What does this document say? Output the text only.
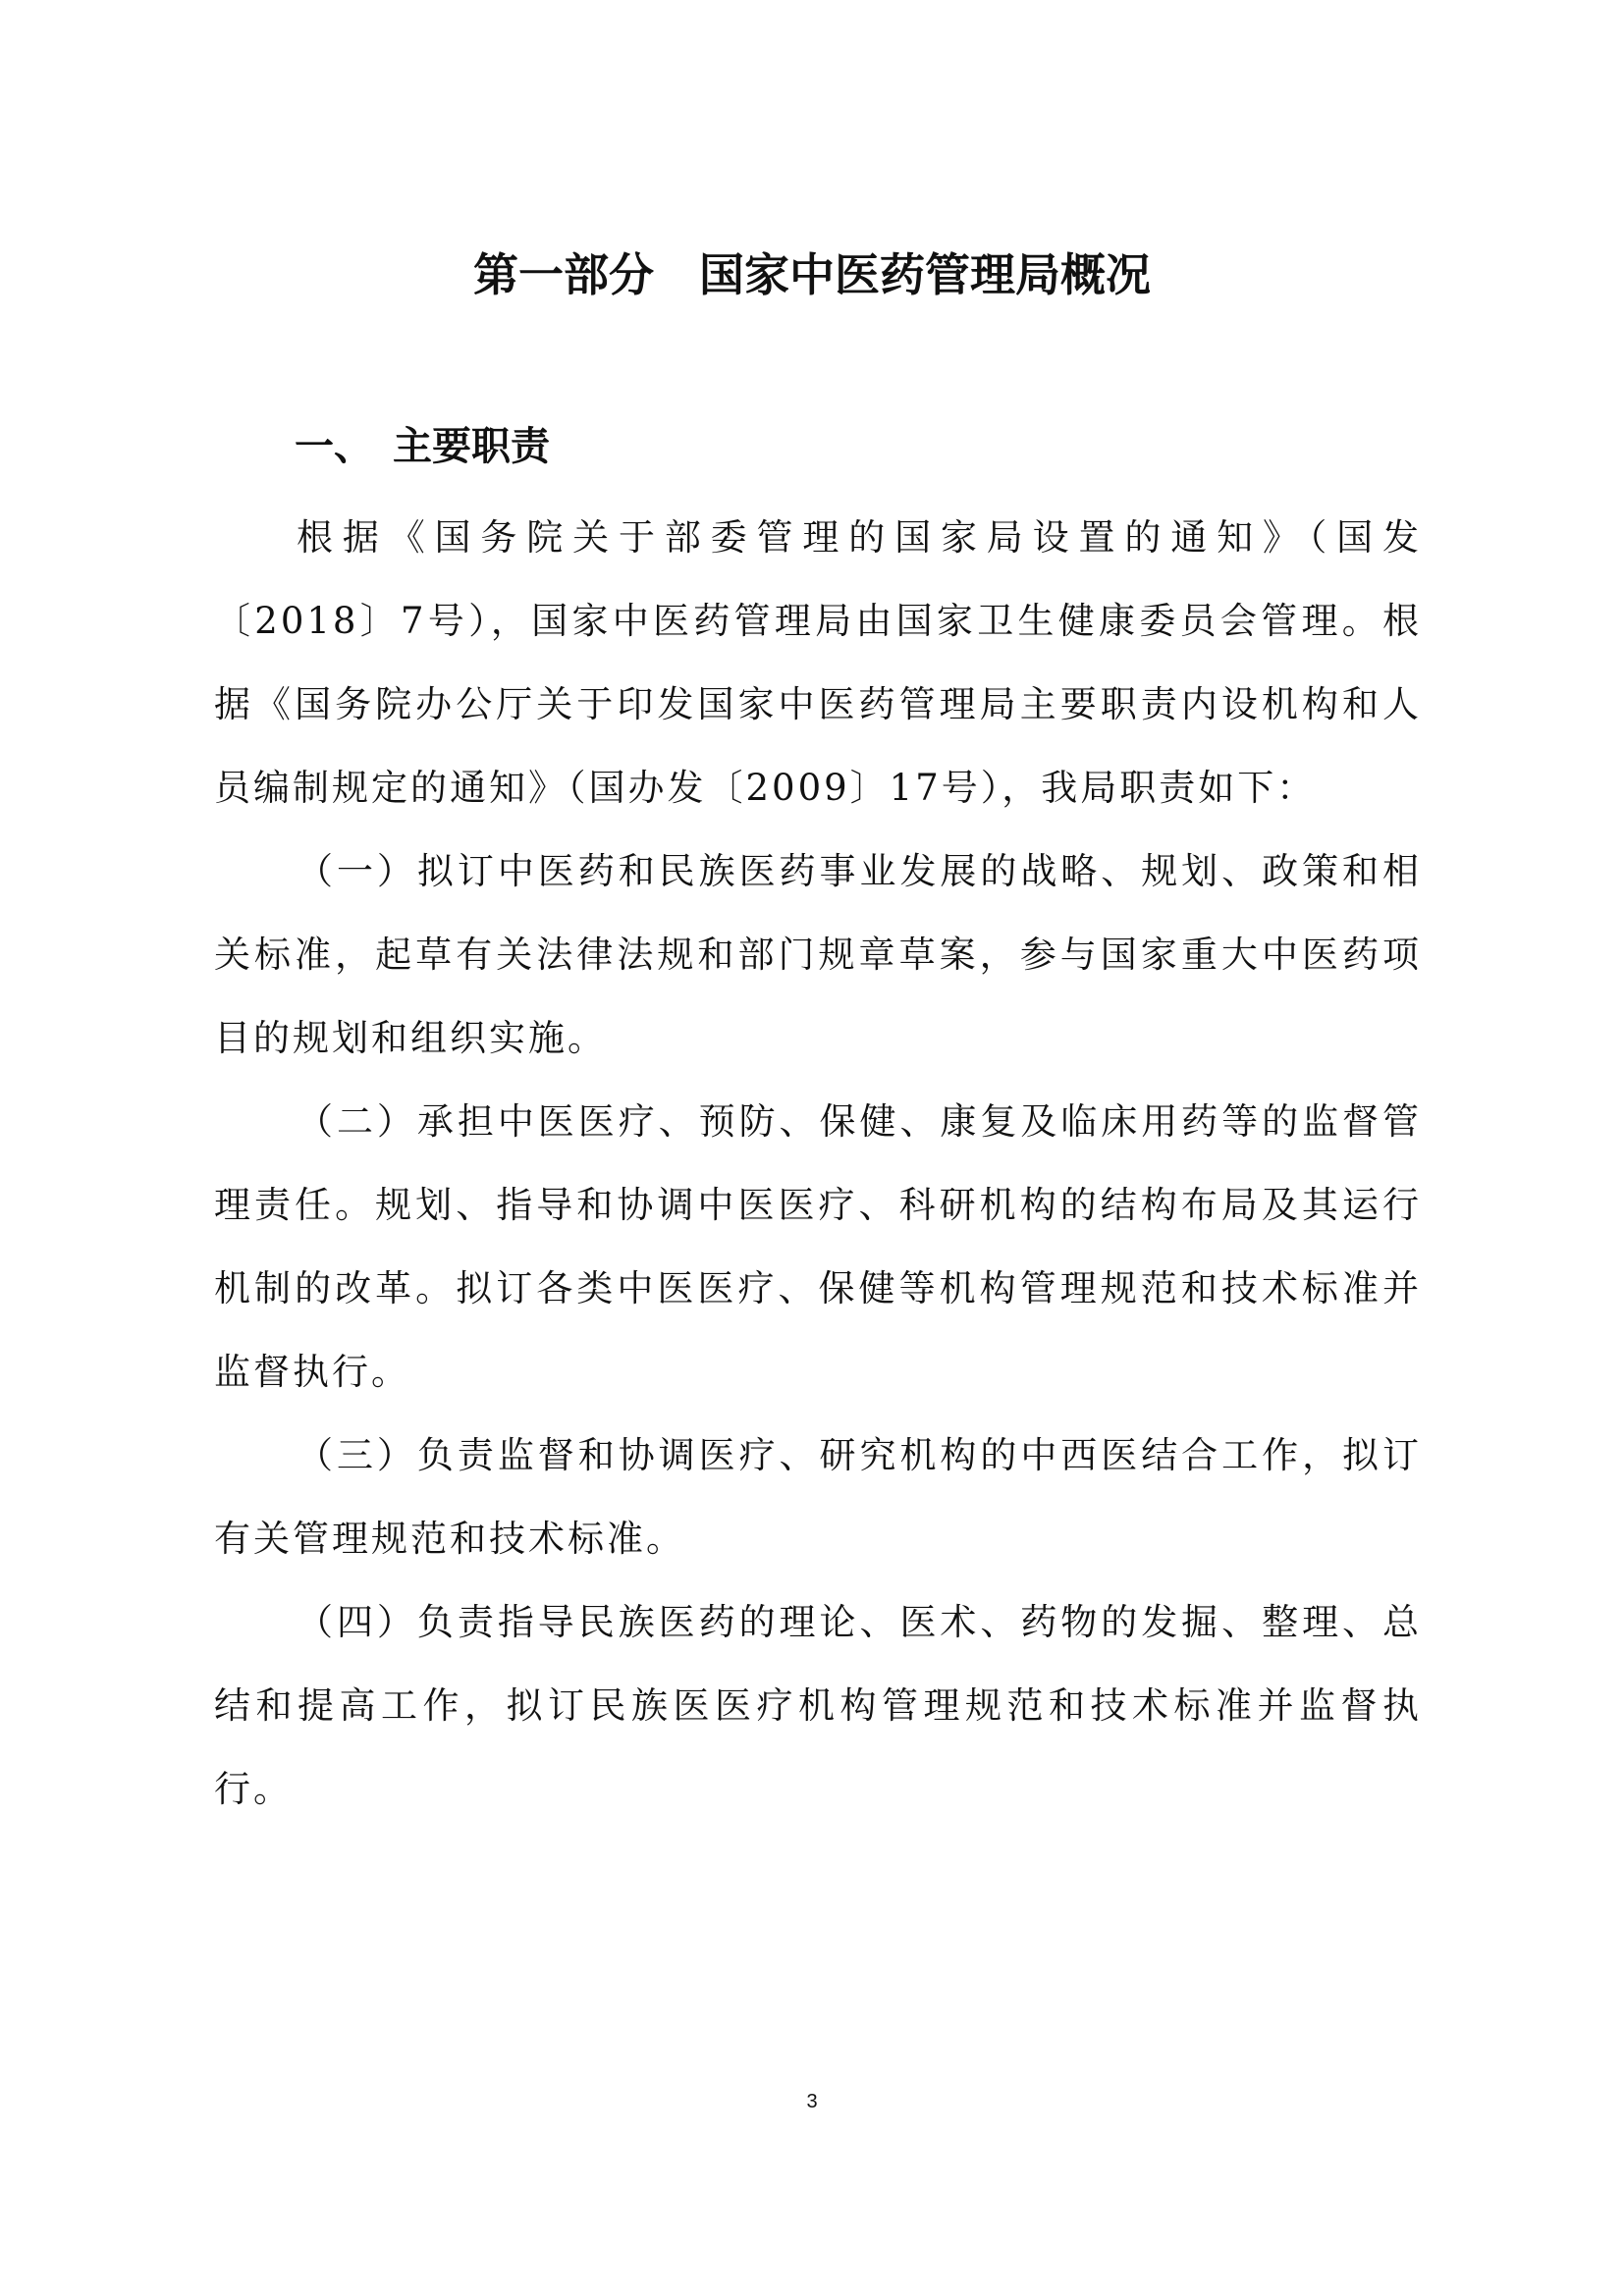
第一部分　国家中医药管理局概况
一、　主要职责

根据《国务院关于部委管理的国家局设置的通知》（国发〔2018〕7号），国家中医药管理局由国家卫生健康委员会管理。根据《国务院办公厅关于印发国家中医药管理局主要职责内设机构和人员编制规定的通知》（国办发〔2009〕17号），我局职责如下：

（一）拟订中医药和民族医药事业发展的战略、规划、政策和相关标准，起草有关法律法规和部门规章草案，参与国家重大中医药项目的规划和组织实施。

（二）承担中医医疗、预防、保健、康复及临床用药等的监督管理责任。规划、指导和协调中医医疗、科研机构的结构布局及其运行机制的改革。拟订各类中医医疗、保健等机构管理规范和技术标准并监督执行。

（三）负责监督和协调医疗、研究机构的中西医结合工作，拟订有关管理规范和技术标准。

（四）负责指导民族医药的理论、医术、药物的发掘、整理、总结和提高工作，拟订民族医医疗机构管理规范和技术标准并监督执行。

3
